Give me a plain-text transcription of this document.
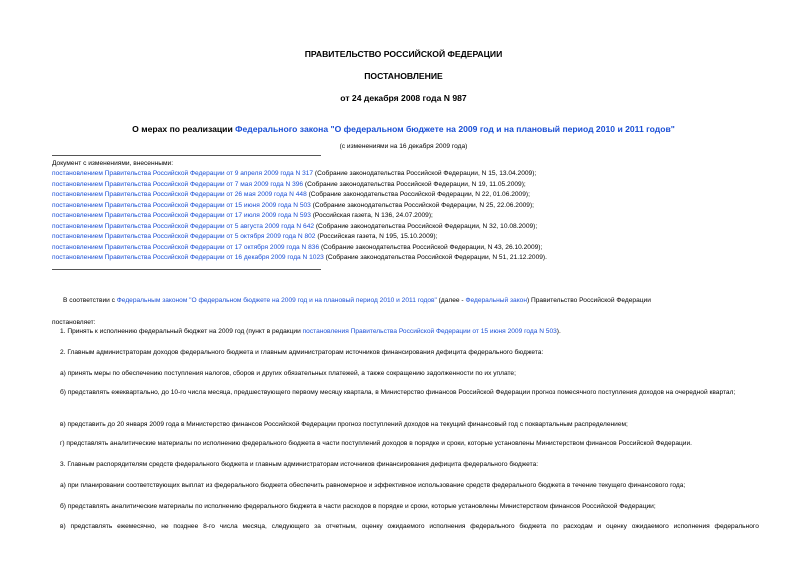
ПРАВИТЕЛЬСТВО РОССИЙСКОЙ ФЕДЕРАЦИИ
ПОСТАНОВЛЕНИЕ
от 24 декабря 2008 года N 987
О мерах по реализации Федерального закона "О федеральном бюджете на 2009 год и на плановый период 2010 и 2011 годов"
(с изменениями на 16 декабря 2009 года)
Документ с изменениями, внесенными:
постановлением Правительства Российской Федерации от 9 апреля 2009 года N 317 (Собрание законодательства Российской Федерации, N 15, 13.04.2009);
постановлением Правительства Российской Федерации от 7 мая 2009 года N 396 (Собрание законодательства Российской Федерации, N 19, 11.05.2009);
постановлением Правительства Российской Федерации от 26 мая 2009 года N 448 (Собрание законодательства Российской Федерации, N 22, 01.06.2009);
постановлением Правительства Российской Федерации от 15 июня 2009 года N 503 (Собрание законодательства Российской Федерации, N 25, 22.06.2009);
постановлением Правительства Российской Федерации от 17 июля 2009 года N 593 (Российская газета, N 136, 24.07.2009);
постановлением Правительства Российской Федерации от 5 августа 2009 года N 642 (Собрание законодательства Российской Федерации, N 32, 10.08.2009);
постановлением Правительства Российской Федерации от 5 октября 2009 года N 802 (Российская газета, N 195, 15.10.2009);
постановлением Правительства Российской Федерации от 17 октября 2009 года N 836 (Собрание законодательства Российской Федерации, N 43, 26.10.2009);
постановлением Правительства Российской Федерации от 16 декабря 2009 года N 1023 (Собрание законодательства Российской Федерации, N 51, 21.12.2009).
В соответствии с Федеральным законом "О федеральном бюджете на 2009 год и на плановый период 2010 и 2011 годов" (далее - Федеральный закон) Правительство Российской Федерации
постановляет:
1. Принять к исполнению федеральный бюджет на 2009 год (пункт в редакции постановления Правительства Российской Федерации от 15 июня 2009 года N 503).
2. Главным администраторам доходов федерального бюджета и главным администраторам источников финансирования дефицита федерального бюджета:
а) принять меры по обеспечению поступления налогов, сборов и других обязательных платежей, а также сокращению задолженности по их уплате;
б) представлять ежеквартально, до 10-го числа месяца, предшествующего первому месяцу квартала, в Министерство финансов Российской Федерации прогноз помесячного поступления доходов на очередной квартал;
в) представить до 20 января 2009 года в Министерство финансов Российской Федерации прогноз поступлений доходов на текущий финансовый год с поквартальным распределением;
г) представлять аналитические материалы по исполнению федерального бюджета в части поступлений доходов в порядке и сроки, которые установлены Министерством финансов Российской Федерации.
3. Главным распорядителям средств федерального бюджета и главным администраторам источников финансирования дефицита федерального бюджета:
а) при планировании соответствующих выплат из федерального бюджета обеспечить равномерное и эффективное использование средств федерального бюджета в течение текущего финансового года;
б) представлять аналитические материалы по исполнению федерального бюджета в части расходов в порядке и сроки, которые установлены Министерством финансов Российской Федерации;
в) представлять ежемесячно, не позднее 8-го числа месяца, следующего за отчетным, оценку ожидаемого исполнения федерального бюджета по расходам и оценку ожидаемого исполнения федерального
